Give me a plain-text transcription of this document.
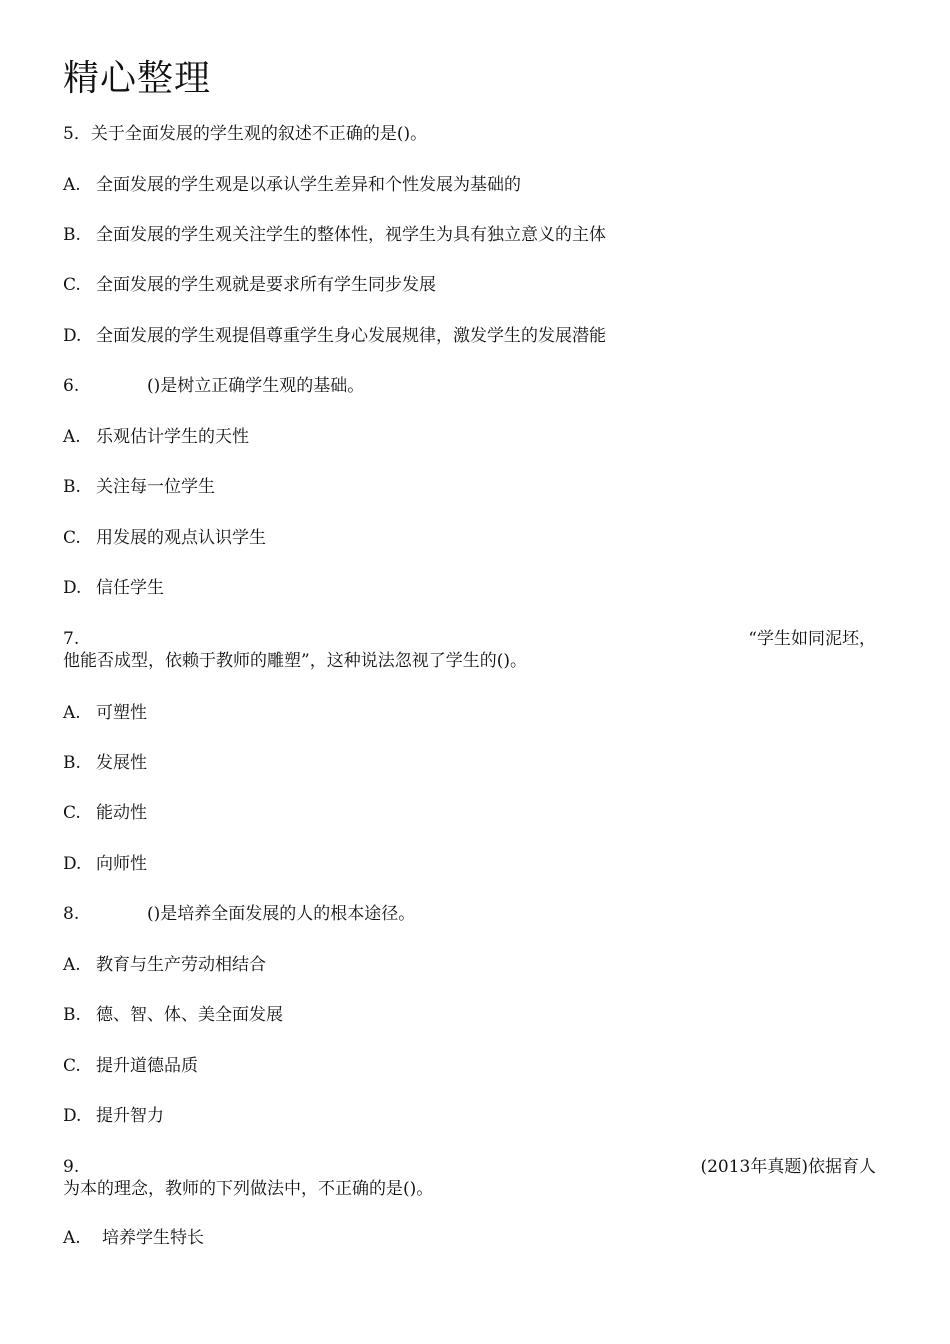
精心整理
5．关于全面发展的学生观的叙述不正确的是()。
A. 全面发展的学生观是以承认学生差异和个性发展为基础的
B. 全面发展的学生观关注学生的整体性，视学生为具有独立意义的主体
C. 全面发展的学生观就是要求所有学生同步发展
D. 全面发展的学生观提倡尊重学生身心发展规律，激发学生的发展潜能
6.	()是树立正确学生观的基础。
A. 乐观估计学生的天性
B. 关注每一位学生
C. 用发展的观点认识学生
D. 信任学生
7.	“学生如同泥坯，
他能否成型，依赖于教师的雕塑”，这种说法忽视了学生的()。
A. 可塑性
B. 发展性
C. 能动性
D. 向师性
8.	()是培养全面发展的人的根本途径。
A. 教育与生产劳动相结合
B. 德、智、体、美全面发展
C. 提升道德品质
D. 提升智力
9.	(2013年真题)依据育人
为本的理念，教师的下列做法中，不正确的是()。
A. 培养学生特长
